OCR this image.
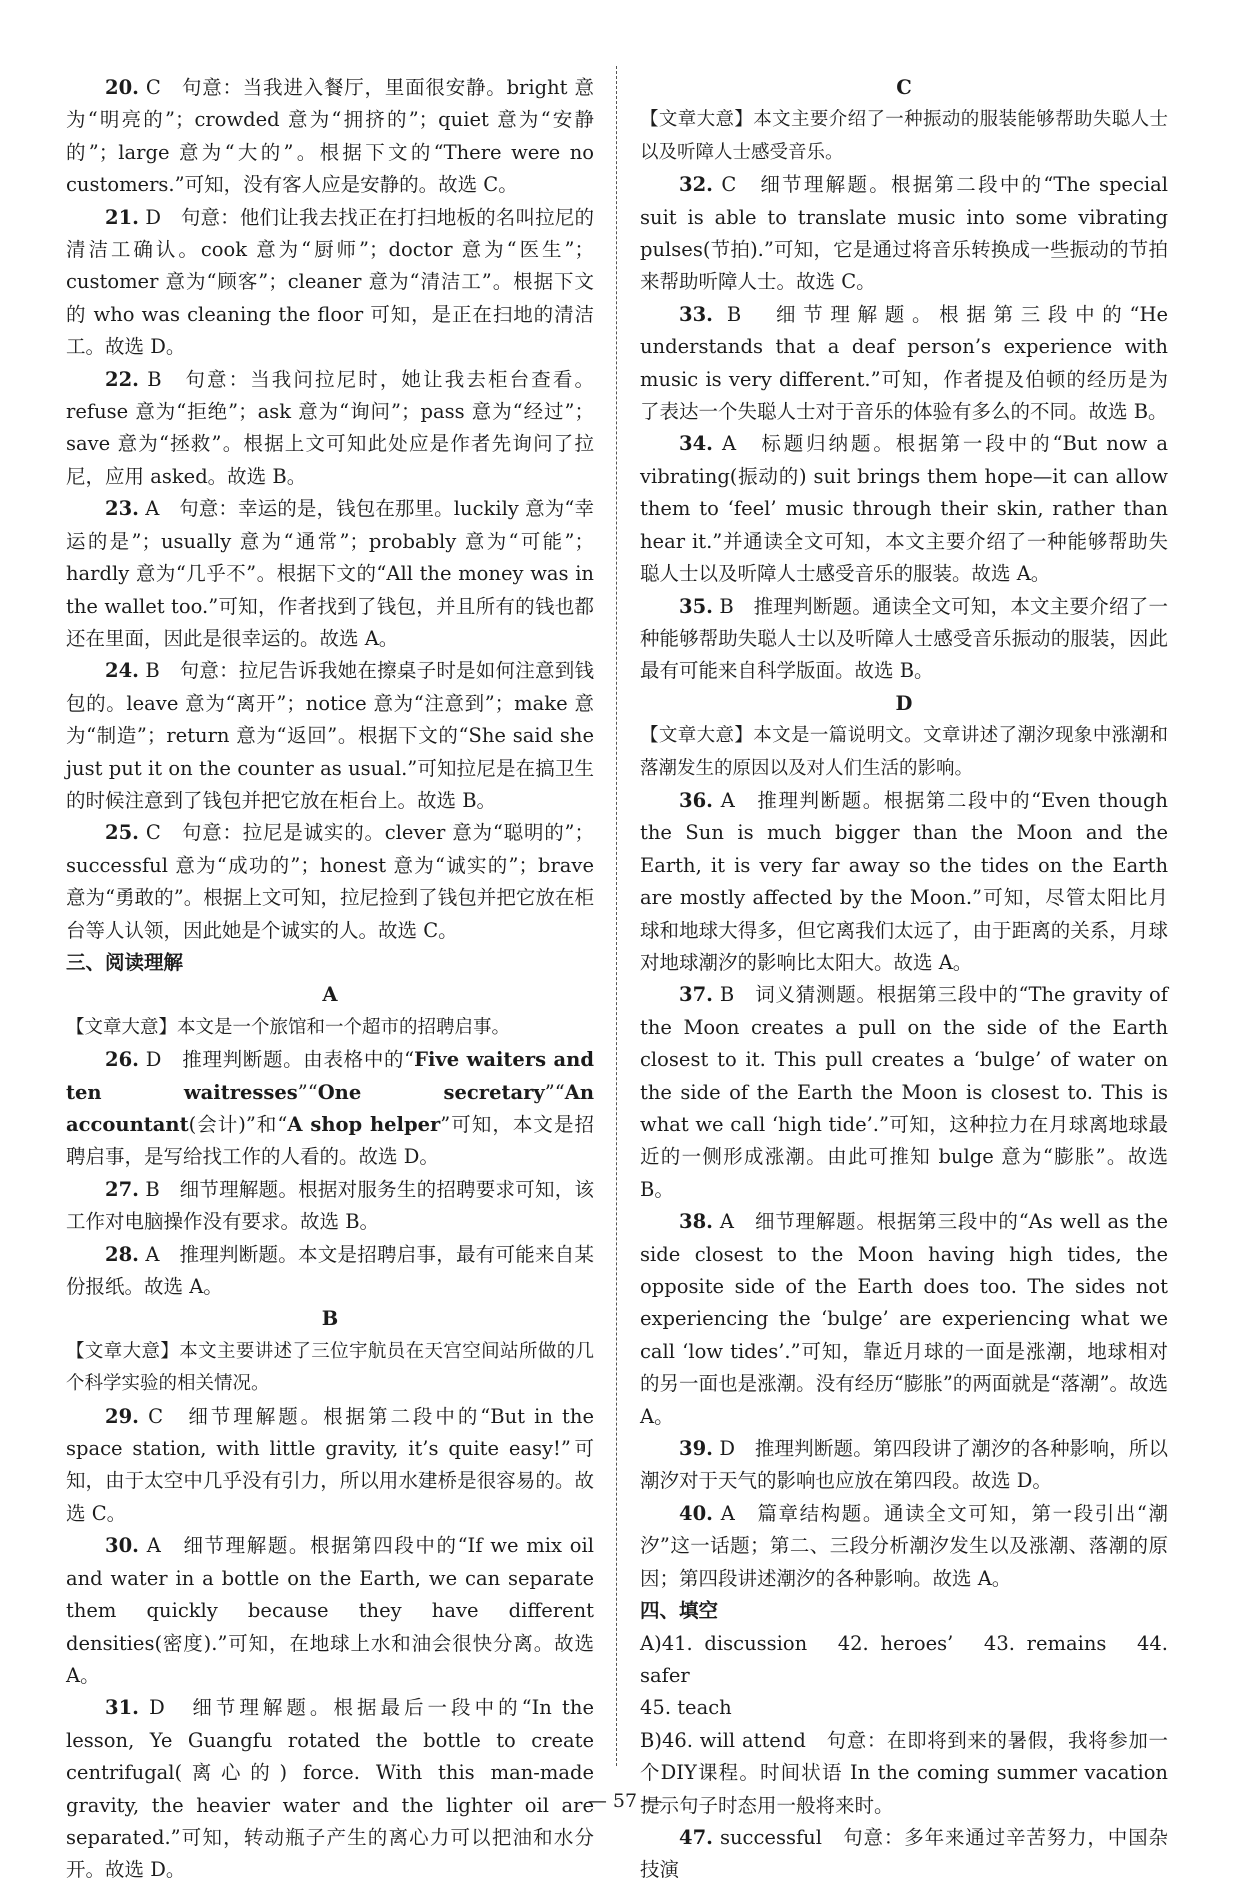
20. C　句意：当我进入餐厅，里面很安静。bright 意为“明亮的”；crowded 意为“拥挤的”；quiet 意为“安静的”；large 意为“大的”。根据下文的“There were no customers.”可知，没有客人应是安静的。故选 C。

21. D　句意：他们让我去找正在打扫地板的名叫拉尼的清洁工确认。cook 意为“厨师”；doctor 意为“医生”；customer 意为“顾客”；cleaner 意为“清洁工”。根据下文的 who was cleaning the floor 可知，是正在扫地的清洁工。故选 D。

22. B　句意：当我问拉尼时，她让我去柜台查看。refuse 意为“拒绝”；ask 意为“询问”；pass 意为“经过”；save 意为“拯救”。根据上文可知此处应是作者先询问了拉尼，应用 asked。故选 B。

23. A　句意：幸运的是，钱包在那里。luckily 意为“幸运的是”；usually 意为“通常”；probably 意为“可能”；hardly 意为“几乎不”。根据下文的“All the money was in the wallet too.”可知，作者找到了钱包，并且所有的钱也都还在里面，因此是很幸运的。故选 A。

24. B　句意：拉尼告诉我她在擦桌子时是如何注意到钱包的。leave 意为“离开”；notice 意为“注意到”；make 意为“制造”；return 意为“返回”。根据下文的“She said she just put it on the counter as usual.”可知拉尼是在搞卫生的时候注意到了钱包并把它放在柜台上。故选 B。

25. C　句意：拉尼是诚实的。clever 意为“聪明的”；successful 意为“成功的”；honest 意为“诚实的”；brave 意为“勇敢的”。根据上文可知，拉尼捡到了钱包并把它放在柜台等人认领，因此她是个诚实的人。故选 C。

三、阅读理解

A

【文章大意】本文是一个旅馆和一个超市的招聘启事。

26. D　推理判断题。由表格中的“Five waiters and ten waitresses”“One secretary”“An accountant(会计)”和“A shop helper”可知，本文是招聘启事，是写给找工作的人看的。故选 D。

27. B　细节理解题。根据对服务生的招聘要求可知，该工作对电脑操作没有要求。故选 B。

28. A　推理判断题。本文是招聘启事，最有可能来自某份报纸。故选 A。

B

【文章大意】本文主要讲述了三位宇航员在天宫空间站所做的几个科学实验的相关情况。

29. C　细节理解题。根据第二段中的“But in the space station, with little gravity, it’s quite easy!”可知，由于太空中几乎没有引力，所以用水建桥是很容易的。故选 C。

30. A　细节理解题。根据第四段中的“If we mix oil and water in a bottle on the Earth, we can separate them quickly because they have different densities(密度).”可知，在地球上水和油会很快分离。故选 A。

31. D　细节理解题。根据最后一段中的“In the lesson, Ye Guangfu rotated the bottle to create centrifugal(离心的) force. With this man-made gravity, the heavier water and the lighter oil are separated.”可知，转动瓶子产生的离心力可以把油和水分开。故选 D。

C

【文章大意】本文主要介绍了一种振动的服装能够帮助失聪人士以及听障人士感受音乐。

32. C　细节理解题。根据第二段中的“The special suit is able to translate music into some vibrating pulses(节拍).”可知，它是通过将音乐转换成一些振动的节拍来帮助听障人士。故选 C。

33. B　细节理解题。根据第三段中的“He understands that a deaf person’s experience with music is very different.”可知，作者提及伯顿的经历是为了表达一个失聪人士对于音乐的体验有多么的不同。故选 B。

34. A　标题归纳题。根据第一段中的“But now a vibrating(振动的) suit brings them hope—it can allow them to ‘feel’ music through their skin, rather than hear it.”并通读全文可知，本文主要介绍了一种能够帮助失聪人士以及听障人士感受音乐的服装。故选 A。

35. B　推理判断题。通读全文可知，本文主要介绍了一种能够帮助失聪人士以及听障人士感受音乐振动的服装，因此最有可能来自科学版面。故选 B。

D

【文章大意】本文是一篇说明文。文章讲述了潮汐现象中涨潮和落潮发生的原因以及对人们生活的影响。

36. A　推理判断题。根据第二段中的“Even though the Sun is much bigger than the Moon and the Earth, it is very far away so the tides on the Earth are mostly affected by the Moon.”可知，尽管太阳比月球和地球大得多，但它离我们太远了，由于距离的关系，月球对地球潮汐的影响比太阳大。故选 A。

37. B　词义猜测题。根据第三段中的“The gravity of the Moon creates a pull on the side of the Earth closest to it. This pull creates a ‘bulge’ of water on the side of the Earth the Moon is closest to. This is what we call ‘high tide’.”可知，这种拉力在月球离地球最近的一侧形成涨潮。由此可推知 bulge 意为“膨胀”。故选 B。

38. A　细节理解题。根据第三段中的“As well as the side closest to the Moon having high tides, the opposite side of the Earth does too. The sides not experiencing the ‘bulge’ are experiencing what we call ‘low tides’.”可知，靠近月球的一面是涨潮，地球相对的另一面也是涨潮。没有经历“膨胀”的两面就是“落潮”。故选 A。

39. D　推理判断题。第四段讲了潮汐的各种影响，所以潮汐对于天气的影响也应放在第四段。故选 D。

40. A　篇章结构题。通读全文可知，第一段引出“潮汐”这一话题；第二、三段分析潮汐发生以及涨潮、落潮的原因；第四段讲述潮汐的各种影响。故选 A。

四、填空

A)41. discussion　42. heroes’　43. remains　44. safer

45. teach

B)46. will attend　句意：在即将到来的暑假，我将参加一个DIY课程。时间状语 In the coming summer vacation 提示句子时态用一般将来时。

47. successful　句意：多年来通过辛苦努力，中国杂技演

— 57 —
